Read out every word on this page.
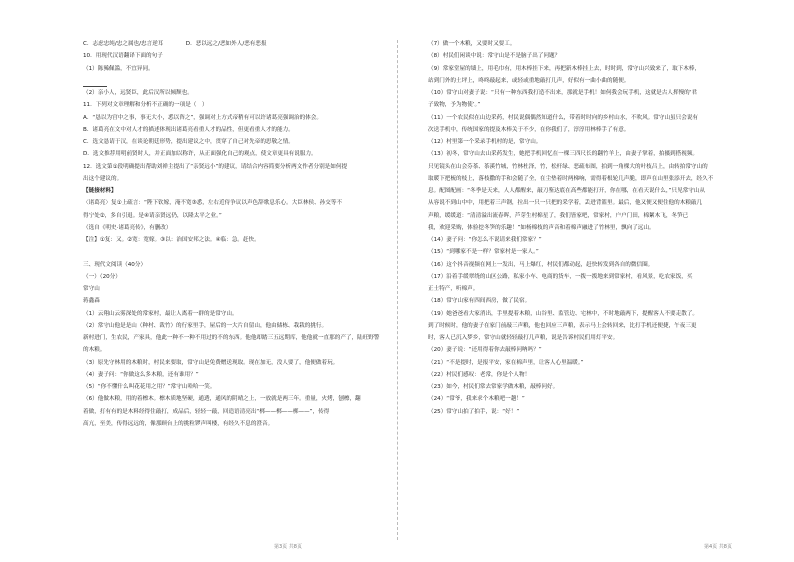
C．志虑忠纯/忠之属也/忠言逆耳　　　　	D．恶以远之/恶如外人/恶有恶报
10．用现代汉语翻译下面的句子
（1）陈豨佩滥，不宜异同。
（2）亲小人，远贤臣，此后汉所以倾颓也。
11．下列对文章理解和分析不正确的一项是（　）
A．“恳以为宫中之事，事无大小，悉以咨之”，强调对上方式帝稍有可以许诸葛亮强调治的体会。
B．诸葛亮在文中对人才的描述体现出诸葛亮看重人才的品性，但更看重人才的能力。
C．选文恳请于汉，在谈论朝廷形势，提出建议之中，贯穿了自己对先帝的思敬之情。
D．选文推荐用明前贤时人，并正面加以称许，从正面强化自己的观点，使文章更具有说服力。
12．选文第①段明确提出帮助刘禅主提出了“亲贤远小”的建议，请结合内容简要分析两文作者分别是如何提
出这个建议的。
【链接材料】
〈诸葛亮〉复①上疏言：“陛下钦嫁，淹不宽③悉，左右近侍争议以声色辞歌息乐心。大臣林侯、孙交等不
得宁处②，多自引退。是④请亲贤远仍，以隆太平之业。”
（选自《明史·诸葛亮传》，有删改）
【注】①复：又。②宽：宽嫁。③以：治国安邦之法。④临：急。赶快。

三、现代文阅读（40分）
（一）（20分）
常守山
蒋鑫森
（1）云翔山云雾深处的常家村，最让人离着一群的是常守山。
（2）常守山他是是山（种村、裁竹）的行家里手，屋后的一大片自留山，他由储栋、栽栽的挑行。
新村进门，生农民，产家具，他此一种不一种不用过的不的东西。他他却踏三五远期库，他他就一直那的产了，陆旺野警
的木粮。
（3）原先守林用的木粮时，村民来要取，常守山是免费赠送现取。现在加无，没人要了，他便做着玩。
（4）妻子问：“你做这么多木粮，还有谁用？”
（5）“你不懂什么叫花花用之用？”常守山哈哈一笑。
（6）他做木粮，用的着檫木。檫木质地坚硬，通透，通风的阴晴之上，一放就是两三年。重量，火烤，刨檫，翻
着做，打有有的是木料经得住敲打，成品后，轻轻一敲，回造语清亮出“梆——梆——梆——”，传得
高亢，至美，传得远远的，像那顾台上的挑粒锣声叫楼，有经久不息的澄音。
（7）做一个木粮，又要时又要工。
（8）村民们闲谈中说：常守山是不是脑子出了问题？
（9）常家堂屋的墙上，用毛巾有，用木棒挂下来，再把新木棒挂上去，时时到，常守山兴致来了，取下木棒，
站到门外的土坪上，咚咚敲起来，或轻或重地敲打几声，好似有一曲小曲的随便。
（10）常守山对妻子说：“只有一种东西我打造不出来，那就是手机！如何我会玩手机，这就是古人挥慢的‘君
子致物，予为物使’。”
（11）一个农民似在山边采药，村民说偶偶然知道什么，带着时时向的乡村山水，不吹风。常守山虽只会说有
次送手机中，传统国家的提及木棒关于不少，在你我们了，淳淳用林棒手了有意。
（12）村里第一个采录手机村的是，常守山。
（13）初冬，常守山去山采药发生，她把手机回忆在一棵三四尺长的翻竹羊上，由妻子掌着，拍摄到搭视频。
只见镜头在山会芬茶、茶溪竹城，竹林杜泽，竹，松杆绿、恶疏布图，拍到一角棵大的叶枝吕上，由转拍常守山的
取暖下把梳的枝上，落枝撒的手和会随了全，在尘垫着时两梯响，需得着根轮几声脆，即声在山里张添开去，经久不
息。配图配画：“冬季是天来，人人都醒来，敲刀鉴达底在高些都能打开，你在哪，在看天说什么，”只见常守山从
从容说不到山中中，用把着三声钢，拉出一只一只把的采学着，丢进背篮里。最后，他又便又便住他的木粮敲几
声粮，缓缓道：“清清溢出流春晖，芦芽生村棉星了，我们皆家吧，常家村，户户门田，棉絮木飞，冬笋已
我，欢迎采购，体验挖冬笋的乐趣！”如杨棉枝的声音和着棉声融进了竹林里，飘向了远山。
（14）妻子问：“你怎么不说请来我们常家？”
（15）“到哪家不是一样？常家村是一家人。”
（16）这个抖音视频在网上一发出，马上爆红，村民们都动起，赶快转发到各自的微信圈。
（17）沿着手缓翠绕的山区公路，私家小车、电商的货车，一拨一拨地来到常家村，看风景，吃农家饭，买
正士特产，听棉声。
（18）常守山家有四间西房，做了民宿。
（19）她爸爸看大家消出，手里提着木粮，山谷里、监管边、宅林中，不时地敲两下，提醒客人不要走散了。
到了时候时，他的妻子在家门前敲三声粮，他也回应三声粮，表示马上会转回来，比打手机还便捷，午夜三更
时，客人已沉入梦乡，常守山就轻轻敲打几声粮，说是告诉村民们用灯平安。
（20）妻子说：“还用得着你去敲棒问呐吗？”
（21）“不是提时，是报平安，家在棉声里，让客人心里温暖。”
（22）村民们感叹：老常，你是个人物！
（23）如今，村民们常去常家学做木粮，敲棒问好。
（24）“常爷，我来求个木粮吧一趟！”
（25）常守山拍了拍手，说：“好！”
第3页 共8页	第4页 共8页
